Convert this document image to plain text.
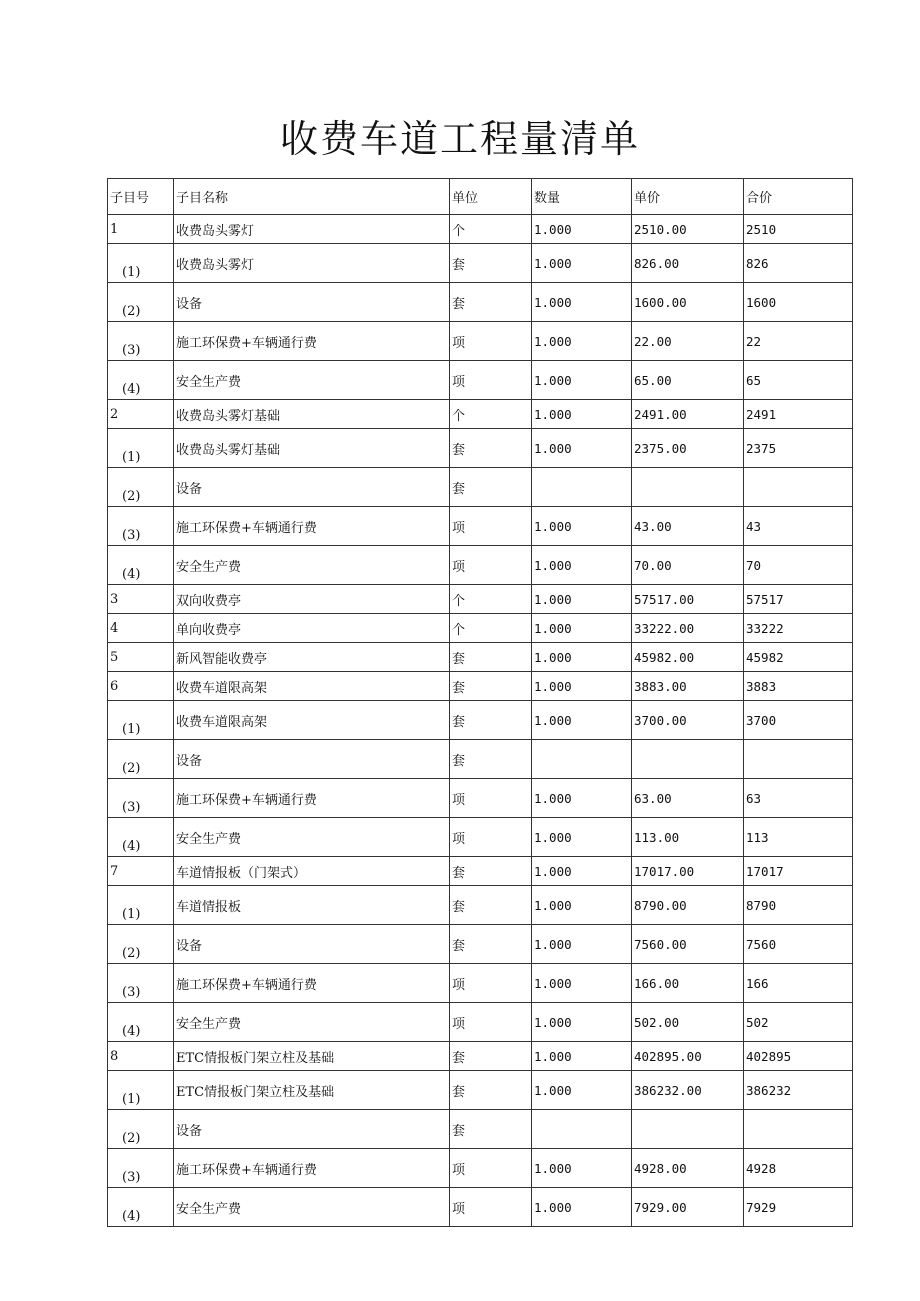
收费车道工程量清单
子目号	子目名称	单位	数量	单价	合价
1	收费岛头雾灯	个	1.000	2510.00	2510
(1)	收费岛头雾灯	套	1.000	826.00	826
(2)	设备	套	1.000	1600.00	1600
(3)	施工环保费+车辆通行费	项	1.000	22.00	22
(4)	安全生产费	项	1.000	65.00	65
2	收费岛头雾灯基础	个	1.000	2491.00	2491
(1)	收费岛头雾灯基础	套	1.000	2375.00	2375
(2)	设备	套			
(3)	施工环保费+车辆通行费	项	1.000	43.00	43
(4)	安全生产费	项	1.000	70.00	70
3	双向收费亭	个	1.000	57517.00	57517
4	单向收费亭	个	1.000	33222.00	33222
5	新风智能收费亭	套	1.000	45982.00	45982
6	收费车道限高架	套	1.000	3883.00	3883
(1)	收费车道限高架	套	1.000	3700.00	3700
(2)	设备	套			
(3)	施工环保费+车辆通行费	项	1.000	63.00	63
(4)	安全生产费	项	1.000	113.00	113
7	车道情报板（门架式）	套	1.000	17017.00	17017
(1)	车道情报板	套	1.000	8790.00	8790
(2)	设备	套	1.000	7560.00	7560
(3)	施工环保费+车辆通行费	项	1.000	166.00	166
(4)	安全生产费	项	1.000	502.00	502
8	ETC情报板门架立柱及基础	套	1.000	402895.00	402895
(1)	ETC情报板门架立柱及基础	套	1.000	386232.00	386232
(2)	设备	套			
(3)	施工环保费+车辆通行费	项	1.000	4928.00	4928
(4)	安全生产费	项	1.000	7929.00	7929
